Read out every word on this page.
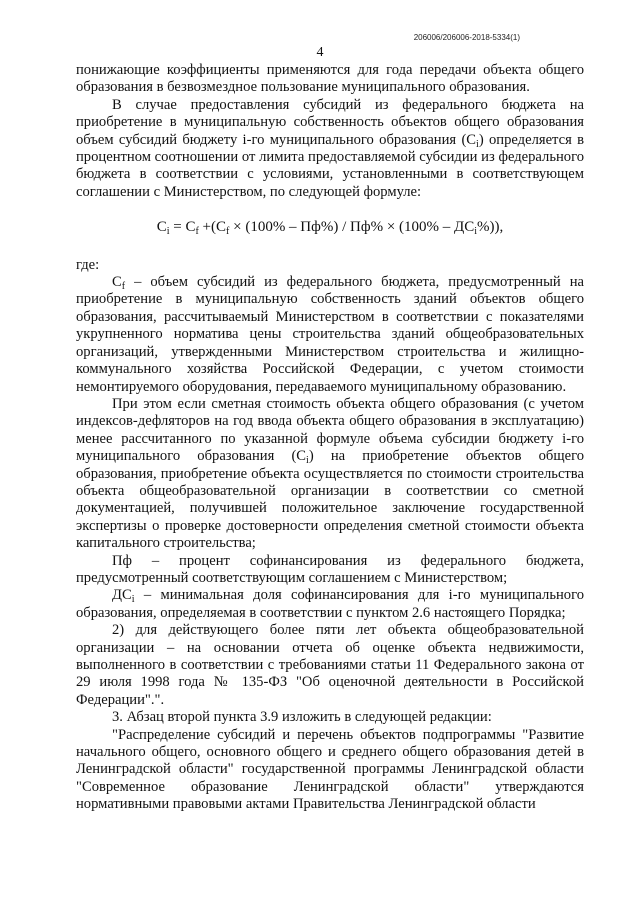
206006/206006-2018-5334(1)
4

понижающие коэффициенты применяются для года передачи объекта общего образования в безвозмездное пользование муниципального образования.

В случае предоставления субсидий из федерального бюджета на приобретение в муниципальную собственность объектов общего образования объем субсидий бюджету i-го муниципального образования $(C_i)$ определяется в процентном соотношении от лимита предоставляемой субсидии из федерального бюджета в соответствии с условиями, установленными в соответствующем соглашении с Министерством, по следующей формуле:

$C_i = C_f +(C_f \times (100\% - Пф\%) / Пф\% \times (100\% - ДС_i\%))$,

где:

$C_f$ – объем субсидий из федерального бюджета, предусмотренный на приобретение в муниципальную собственность зданий объектов общего образования, рассчитываемый Министерством в соответствии с показателями укрупненного норматива цены строительства зданий общеобразовательных организаций, утвержденными Министерством строительства и жилищно-коммунального хозяйства Российской Федерации, с учетом стоимости немонтируемого оборудования, передаваемого муниципальному образованию.

При этом если сметная стоимость объекта общего образования (с учетом индексов-дефляторов на год ввода объекта общего образования в эксплуатацию) менее рассчитанного по указанной формуле объема субсидии бюджету i-го муниципального образования $(C_i)$ на приобретение объектов общего образования, приобретение объекта осуществляется по стоимости строительства объекта общеобразовательной организации в соответствии со сметной документацией, получившей положительное заключение государственной экспертизы о проверке достоверности определения сметной стоимости объекта капитального строительства;

Пф – процент софинансирования из федерального бюджета, предусмотренный соответствующим соглашением с Министерством;

$ДС_i$ – минимальная доля софинансирования для i-го муниципального образования, определяемая в соответствии с пунктом 2.6 настоящего Порядка;

2) для действующего более пяти лет объекта общеобразовательной организации – на основании отчета об оценке объекта недвижимости, выполненного в соответствии с требованиями статьи 11 Федерального закона от 29 июля 1998 года № 135-ФЗ "Об оценочной деятельности в Российской Федерации".".

3. Абзац второй пункта 3.9 изложить в следующей редакции:

"Распределение субсидий и перечень объектов подпрограммы "Развитие начального общего, основного общего и среднего общего образования детей в Ленинградской области" государственной программы Ленинградской области "Современное образование Ленинградской области" утверждаются нормативными правовыми актами Правительства Ленинградской области
